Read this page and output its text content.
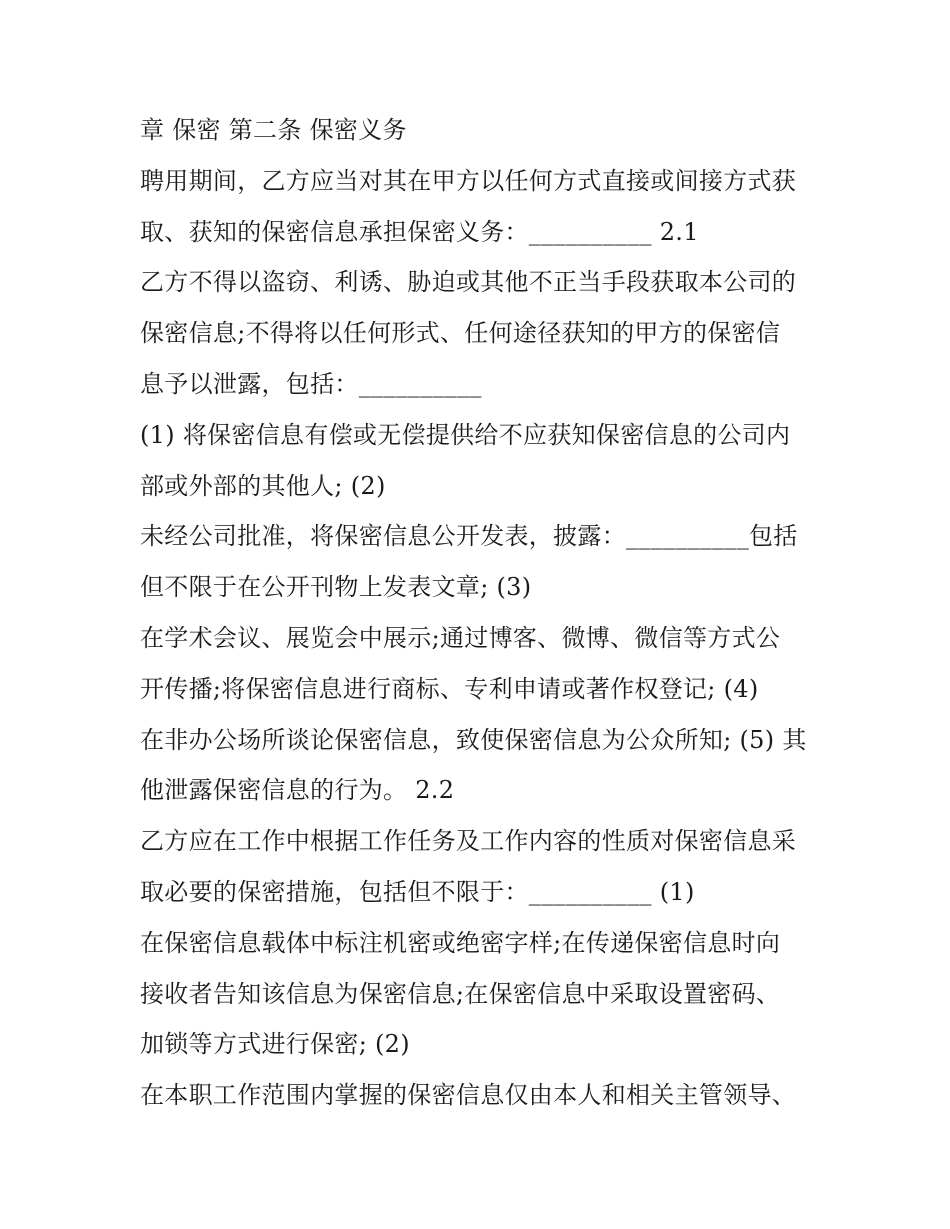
章 保密 第二条 保密义务
聘用期间，乙方应当对其在甲方以任何方式直接或间接方式获
取、获知的保密信息承担保密义务：__________ 2.1
乙方不得以盗窃、利诱、胁迫或其他不正当手段获取本公司的
保密信息;不得将以任何形式、任何途径获知的甲方的保密信
息予以泄露，包括：__________
(1) 将保密信息有偿或无偿提供给不应获知保密信息的公司内
部或外部的其他人; (2)
未经公司批准，将保密信息公开发表，披露：__________包括
但不限于在公开刊物上发表文章; (3)
在学术会议、展览会中展示;通过博客、微博、微信等方式公
开传播;将保密信息进行商标、专利申请或著作权登记; (4)
在非办公场所谈论保密信息，致使保密信息为公众所知; (5) 其
他泄露保密信息的行为。 2.2
乙方应在工作中根据工作任务及工作内容的性质对保密信息采
取必要的保密措施，包括但不限于：__________ (1)
在保密信息载体中标注机密或绝密字样;在传递保密信息时向
接收者告知该信息为保密信息;在保密信息中采取设置密码、
加锁等方式进行保密; (2)
在本职工作范围内掌握的保密信息仅由本人和相关主管领导、
